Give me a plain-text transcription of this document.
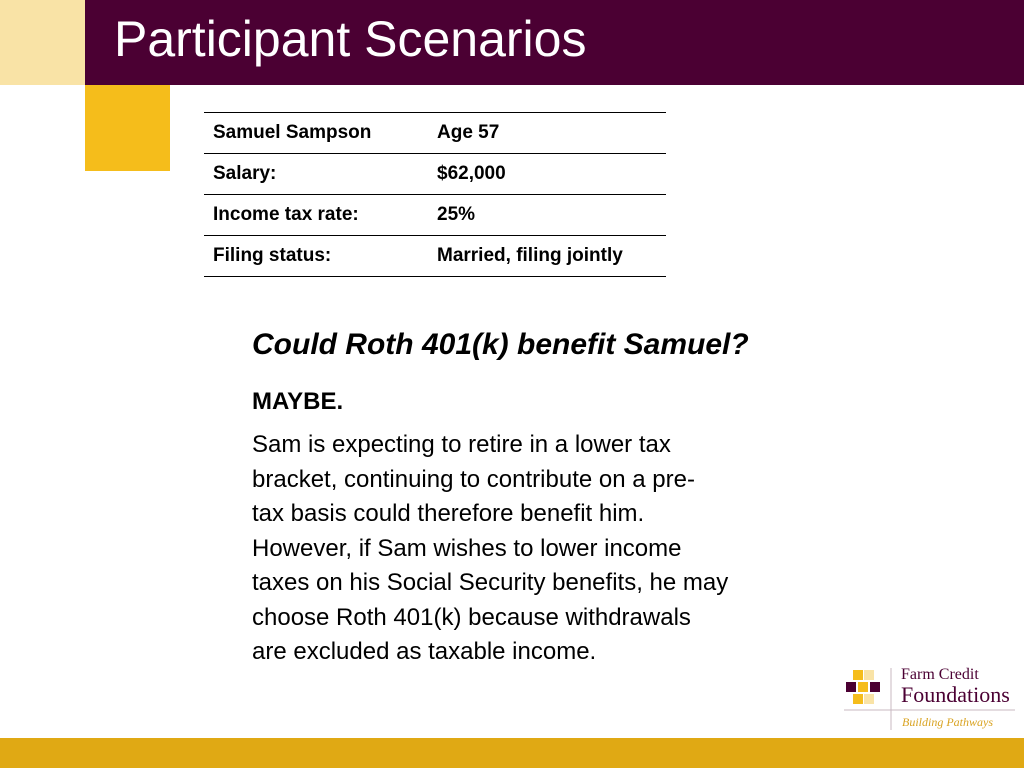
Participant Scenarios
Samuel Sampson	Age 57
Salary:	$62,000
Income tax rate:	25%
Filing status:	Married, filing jointly
Could Roth 401(k) benefit Samuel?
MAYBE.
Sam is expecting to retire in a lower tax
bracket, continuing to contribute on a pre-
tax basis could therefore benefit him.
However, if Sam wishes to lower income
taxes on his Social Security benefits, he may
choose Roth 401(k) because withdrawals
are excluded as taxable income.
Farm Credit
Foundations
Building Pathways
